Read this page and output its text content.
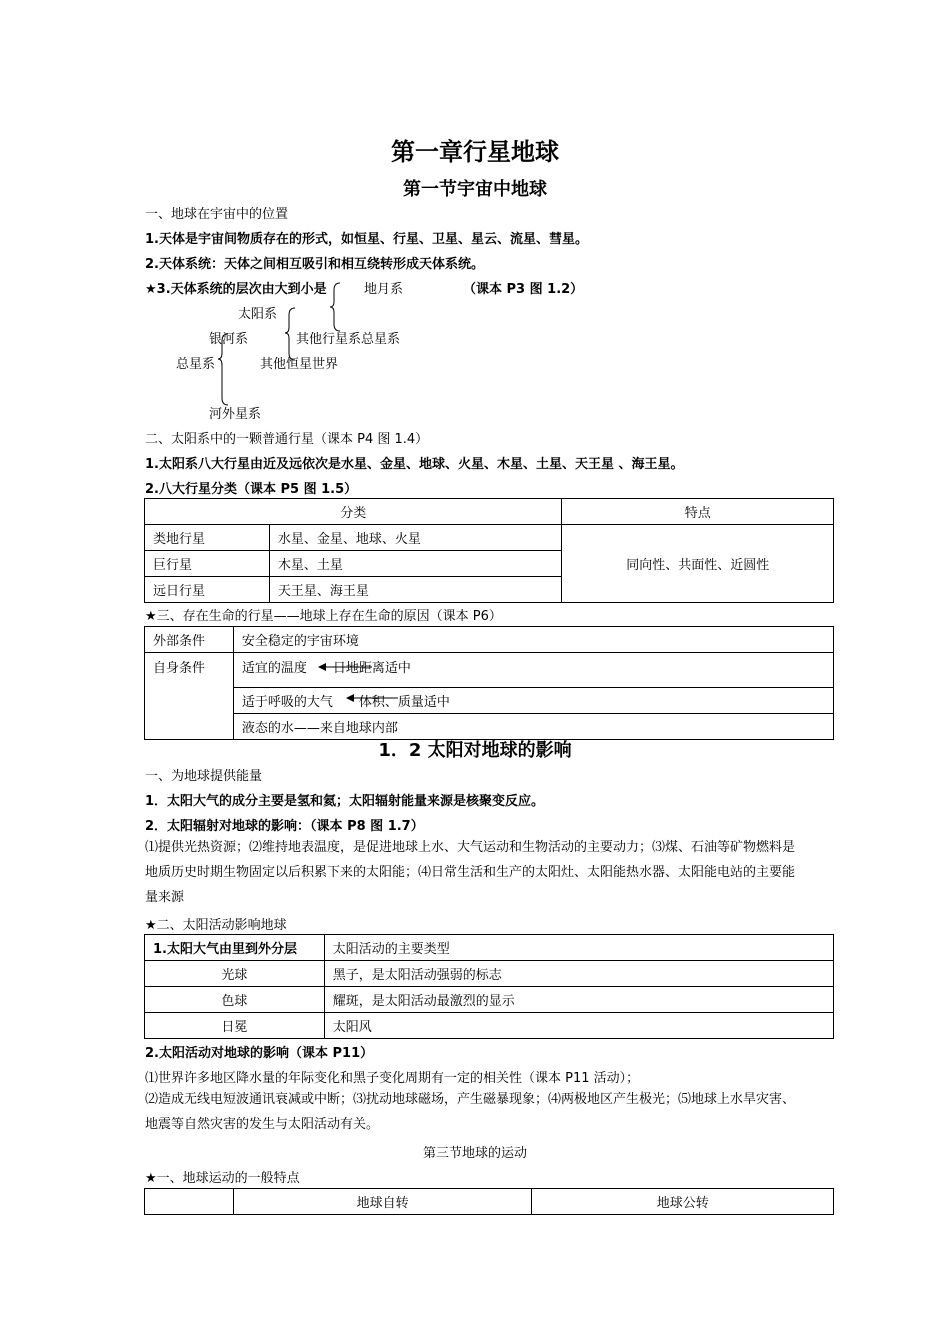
第一章行星地球
第一节宇宙中地球
一、地球在宇宙中的位置
1.天体是宇宙间物质存在的形式，如恒星、行星、卫星、星云、流星、彗星。
2.天体系统：天体之间相互吸引和相互绕转形成天体系统。
★3.天体系统的层次由大到小是	（课本 P3 图 1.2）
地月系
太阳系
银河系	其他行星系总星系
总星系	其他恒星世界
河外星系
二、太阳系中的一颗普通行星（课本 P4 图 1.4）
1.太阳系八大行星由近及远依次是水星、金星、地球、火星、木星、土星、天王星 、海王星。
2.八大行星分类（课本 P5 图 1.5）
分类		特点
类地行星	水星、金星、地球、火星	同向性、共面性、近圆性
巨行星	木星、土星	
远日行星	天王星、海王星	
★三、存在生命的行星——地球上存在生命的原因（课本 P6）
外部条件	安全稳定的宇宙环境
自身条件	适宜的温度 日地距离适中
	适于呼吸的大气 体积、质量适中
	液态的水——来自地球内部
1．2 太阳对地球的影响
一、为地球提供能量
1．太阳大气的成分主要是氢和氦；太阳辐射能量来源是核聚变反应。
2．太阳辐射对地球的影响：（课本 P8 图 1.7）
⑴提供光热资源；⑵维持地表温度，是促进地球上水、大气运动和生物活动的主要动力；⑶煤、石油等矿物燃料是地质历史时期生物固定以后积累下来的太阳能；⑷日常生活和生产的太阳灶、太阳能热水器、太阳能电站的主要能量来源
★二、太阳活动影响地球
1.太阳大气由里到外分层	太阳活动的主要类型
光球	黑子，是太阳活动强弱的标志
色球	耀斑，是太阳活动最激烈的显示
日冕	太阳风
2.太阳活动对地球的影响（课本 P11）
⑴世界许多地区降水量的年际变化和黑子变化周期有一定的相关性（课本 P11 活动）；
⑵造成无线电短波通讯衰减或中断；⑶扰动地球磁场，产生磁暴现象；⑷两极地区产生极光；⑸地球上水旱灾害、地震等自然灾害的发生与太阳活动有关。
第三节地球的运动
★一、地球运动的一般特点
	地球自转	地球公转
